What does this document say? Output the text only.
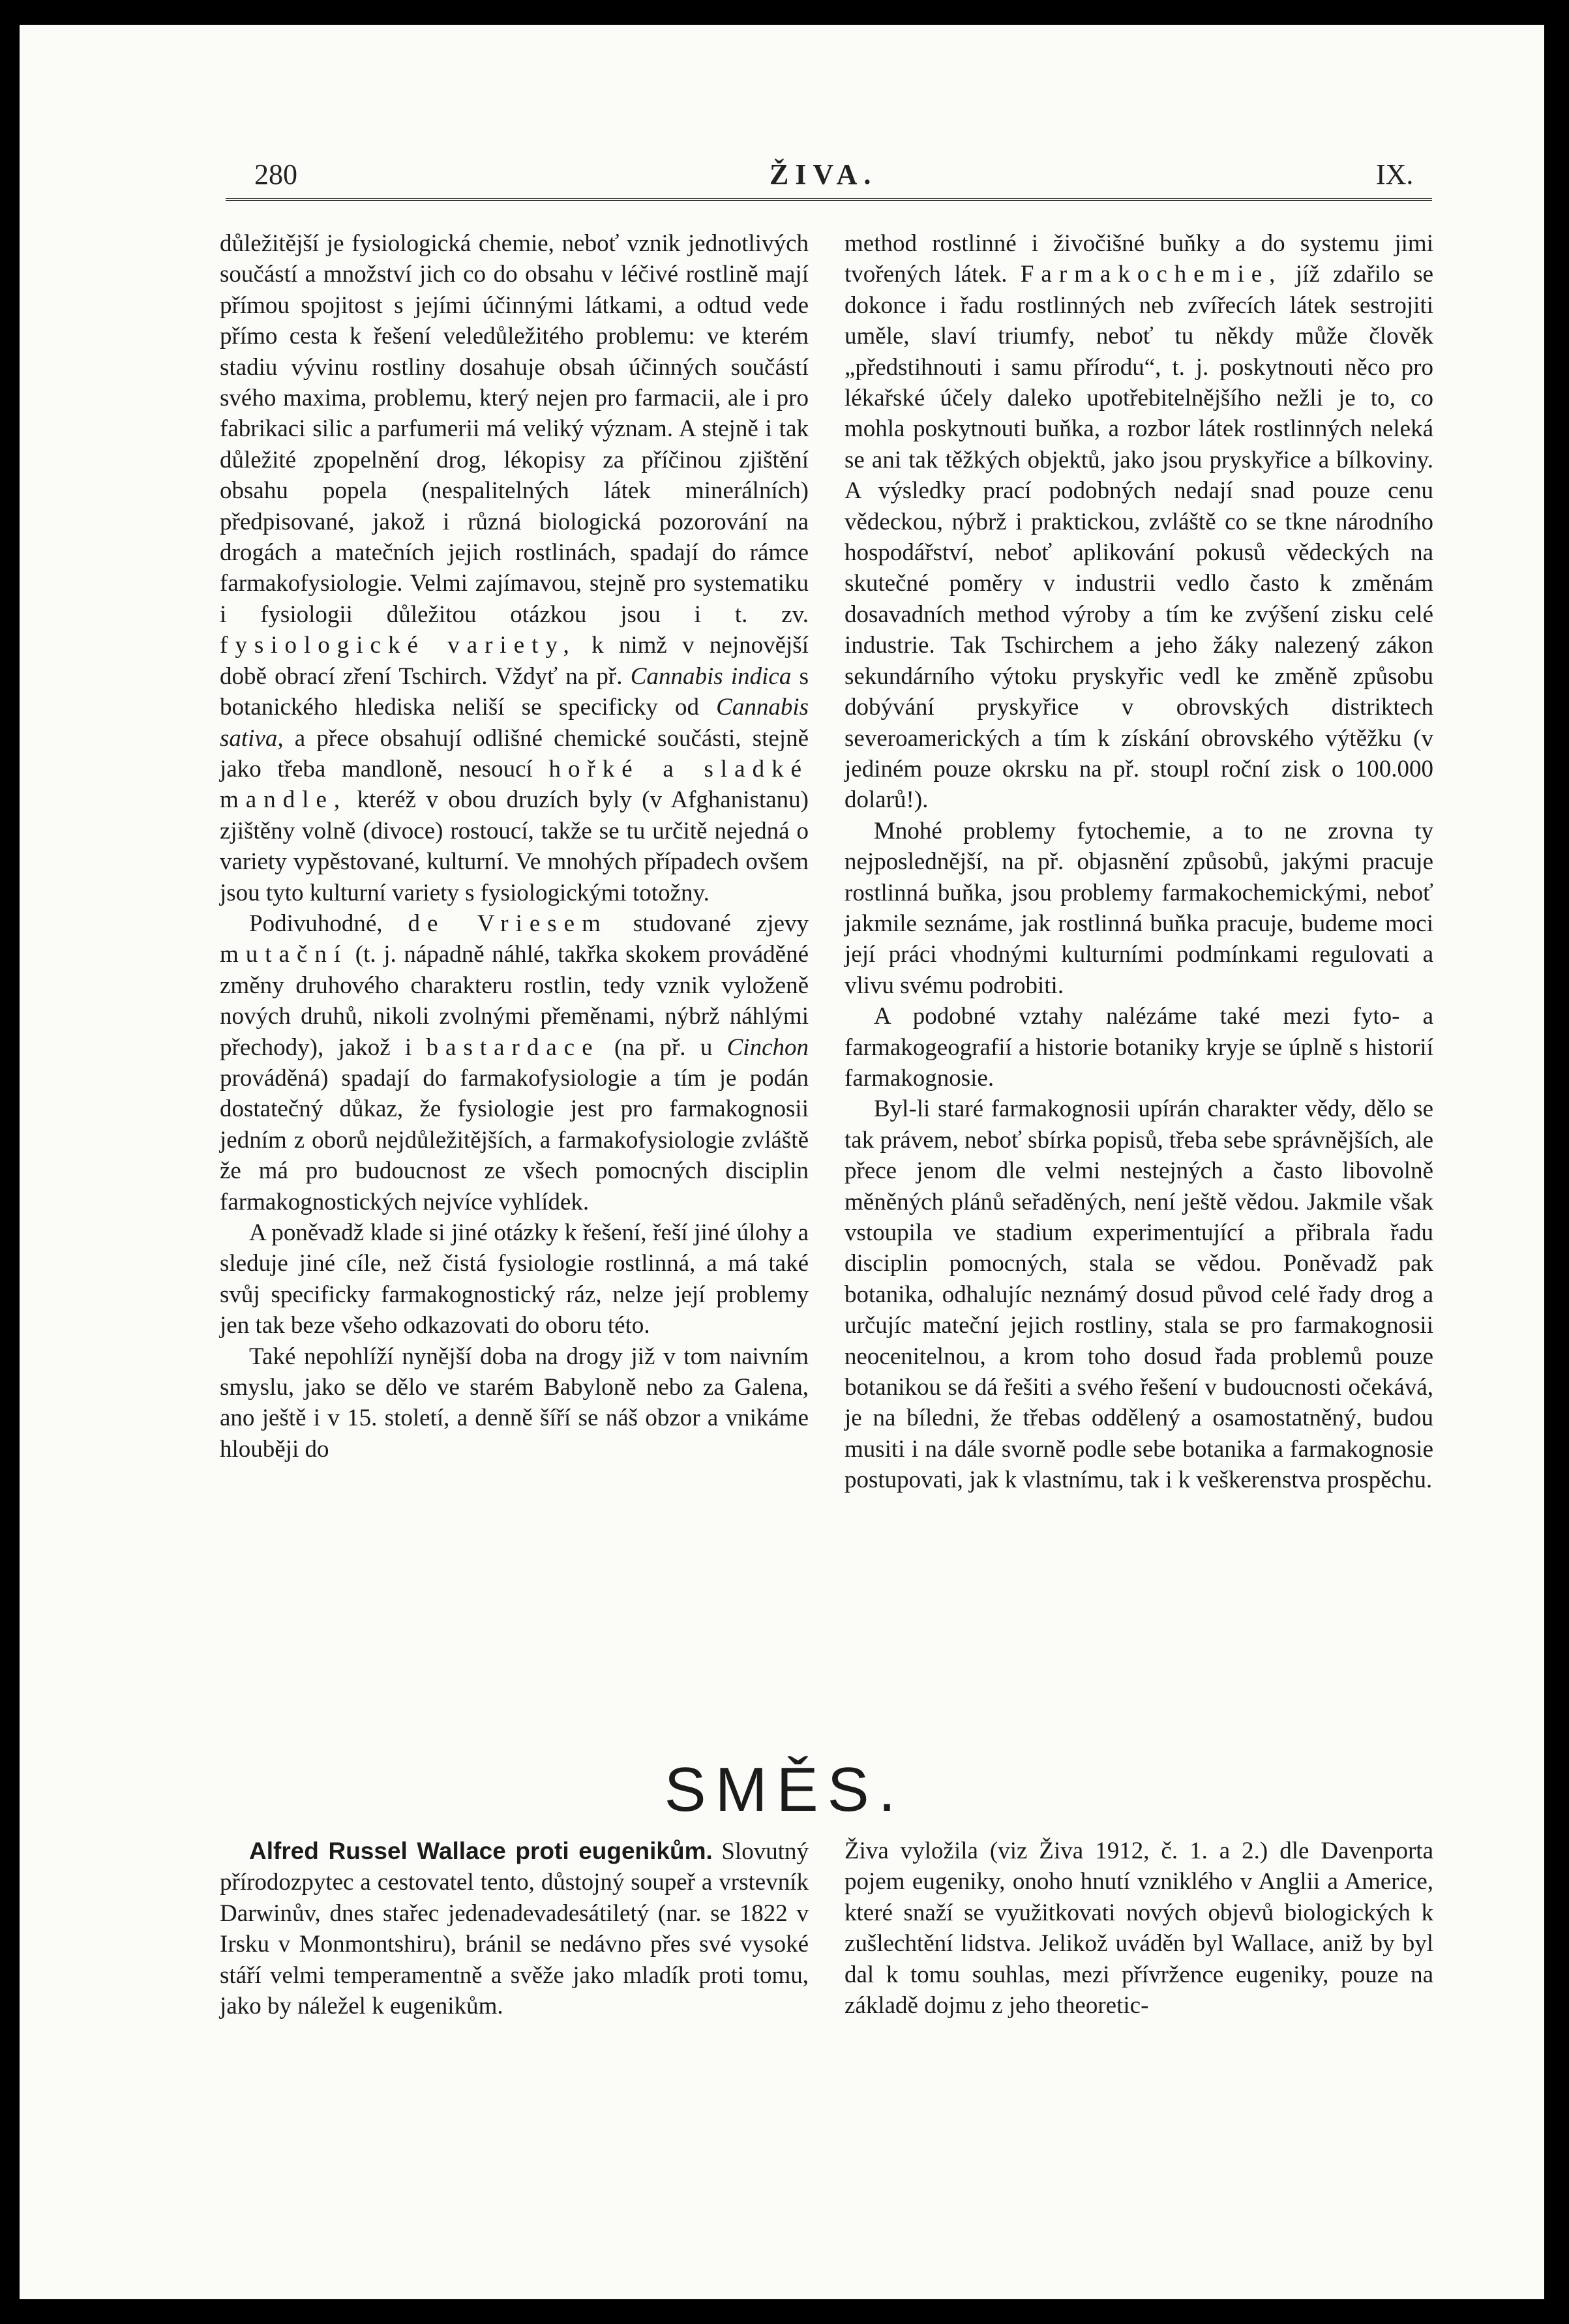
280	ŽIVA.	IX.

důležitější je fysiologická chemie, neboť vznik jednotlivých součástí a množství jich co do obsahu v léčivé rostlině mají přímou spojitost s jejími účinnými látkami, a odtud vede přímo cesta k řešení veledůležitého problemu: ve kterém stadiu vývinu rostliny dosahuje obsah účinných součástí svého maxima, problemu, který nejen pro farmacii, ale i pro fabrikaci silic a parfumerii má veliký význam. A stejně i tak důležité zpopelnění drog, lékopisy za příčinou zjištění obsahu popela (nespalitelných látek minerálních) předpisované, jakož i různá biologická pozorování na drogách a matečních jejich rostlinách, spadají do rámce farmakofysiologie. Velmi zajímavou, stejně pro systematiku i fysiologii důležitou otázkou jsou i t. zv. fysiologické variety, k nimž v nejnovější době obrací zření Tschirch. Vždyť na př. Cannabis indica s botanického hlediska neliší se specificky od Cannabis sativa, a přece obsahují odlišné chemické součásti, stejně jako třeba mandloně, nesoucí hořké a sladké mandle, kteréž v obou druzích byly (v Afghanistanu) zjištěny volně (divoce) rostoucí, takže se tu určitě nejedná o variety vypěstované, kulturní. Ve mnohých případech ovšem jsou tyto kulturní variety s fysiologickými totožny.

Podivuhodné, de Vriesem studované zjevy mutační (t. j. nápadně náhlé, takřka skokem prováděné změny druhového charakteru rostlin, tedy vznik vyloženě nových druhů, nikoli zvolnými přeměnami, nýbrž náhlými přechody), jakož i bastardace (na př. u Cinchon prováděná) spadají do farmakofysiologie a tím je podán dostatečný důkaz, že fysiologie jest pro farmakognosii jedním z oborů nejdůležitějších, a farmakofysiologie zvláště že má pro budoucnost ze všech pomocných disciplin farmakognostických nejvíce vyhlídek.

A poněvadž klade si jiné otázky k řešení, řeší jiné úlohy a sleduje jiné cíle, než čistá fysiologie rostlinná, a má také svůj specificky farmakognostický ráz, nelze její problemy jen tak beze všeho odkazovati do oboru této.

Také nepohlíží nynější doba na drogy již v tom naivním smyslu, jako se dělo ve starém Babyloně nebo za Galena, ano ještě i v 15. století, a denně šíří se náš obzor a vnikáme hlouběji do

method rostlinné i živočišné buňky a do systemu jimi tvořených látek. Farmakochemie, jíž zdařilo se dokonce i řadu rostlinných neb zvířecích látek sestrojiti uměle, slaví triumfy, neboť tu někdy může člověk „předstihnouti i samu přírodu“, t. j. poskytnouti něco pro lékařské účely daleko upotřebitelnějšího nežli je to, co mohla poskytnouti buňka, a rozbor látek rostlinných neleká se ani tak těžkých objektů, jako jsou pryskyřice a bílkoviny. A výsledky prací podobných nedají snad pouze cenu vědeckou, nýbrž i praktickou, zvláště co se tkne národního hospodářství, neboť aplikování pokusů vědeckých na skutečné poměry v industrii vedlo často k změnám dosavadních method výroby a tím ke zvýšení zisku celé industrie. Tak Tschirchem a jeho žáky nalezený zákon sekundárního výtoku pryskyřic vedl ke změně způsobu dobývání pryskyřice v obrovských distriktech severoamerických a tím k získání obrovského výtěžku (v jediném pouze okrsku na př. stoupl roční zisk o 100.000 dolarů!).

Mnohé problemy fytochemie, a to ne zrovna ty nejposlednější, na př. objasnění způsobů, jakými pracuje rostlinná buňka, jsou problemy farmakochemickými, neboť jakmile seznáme, jak rostlinná buňka pracuje, budeme moci její práci vhodnými kulturními podmínkami regulovati a vlivu svému podrobiti.

A podobné vztahy nalézáme také mezi fyto- a farmakogeografií a historie botaniky kryje se úplně s historií farmakognosie.

Byl-li staré farmakognosii upírán charakter vědy, dělo se tak právem, neboť sbírka popisů, třeba sebe správnějších, ale přece jenom dle velmi nestejných a často libovolně měněných plánů seřaděných, není ještě vědou. Jakmile však vstoupila ve stadium experimentující a přibrala řadu disciplin pomocných, stala se vědou. Poněvadž pak botanika, odhalujíc neznámý dosud původ celé řady drog a určujíc mateční jejich rostliny, stala se pro farmakognosii neocenitelnou, a krom toho dosud řada problemů pouze botanikou se dá řešiti a svého řešení v budoucnosti očekává, je na bíledni, že třebas oddělený a osamostatněný, budou musiti i na dále svorně podle sebe botanika a farmakognosie postupovati, jak k vlastnímu, tak i k veškerenstva prospěchu.

SMĚS.

Alfred Russel Wallace proti eugenikům. Slovutný přírodozpytec a cestovatel tento, důstojný soupeř a vrstevník Darwinův, dnes stařec jedenadevadesátiletý (nar. se 1822 v Irsku v Monmontshiru), bránil se nedávno přes své vysoké stáří velmi temperamentně a svěže jako mladík proti tomu, jako by náležel k eugenikům.

Živa vyložila (viz Živa 1912, č. 1. a 2.) dle Davenporta pojem eugeniky, onoho hnutí vzniklého v Anglii a Americe, které snaží se využitkovati nových objevů biologických k zušlechtění lidstva. Jelikož uváděn byl Wallace, aniž by byl dal k tomu souhlas, mezi přívržence eugeniky, pouze na základě dojmu z jeho theoretic-
